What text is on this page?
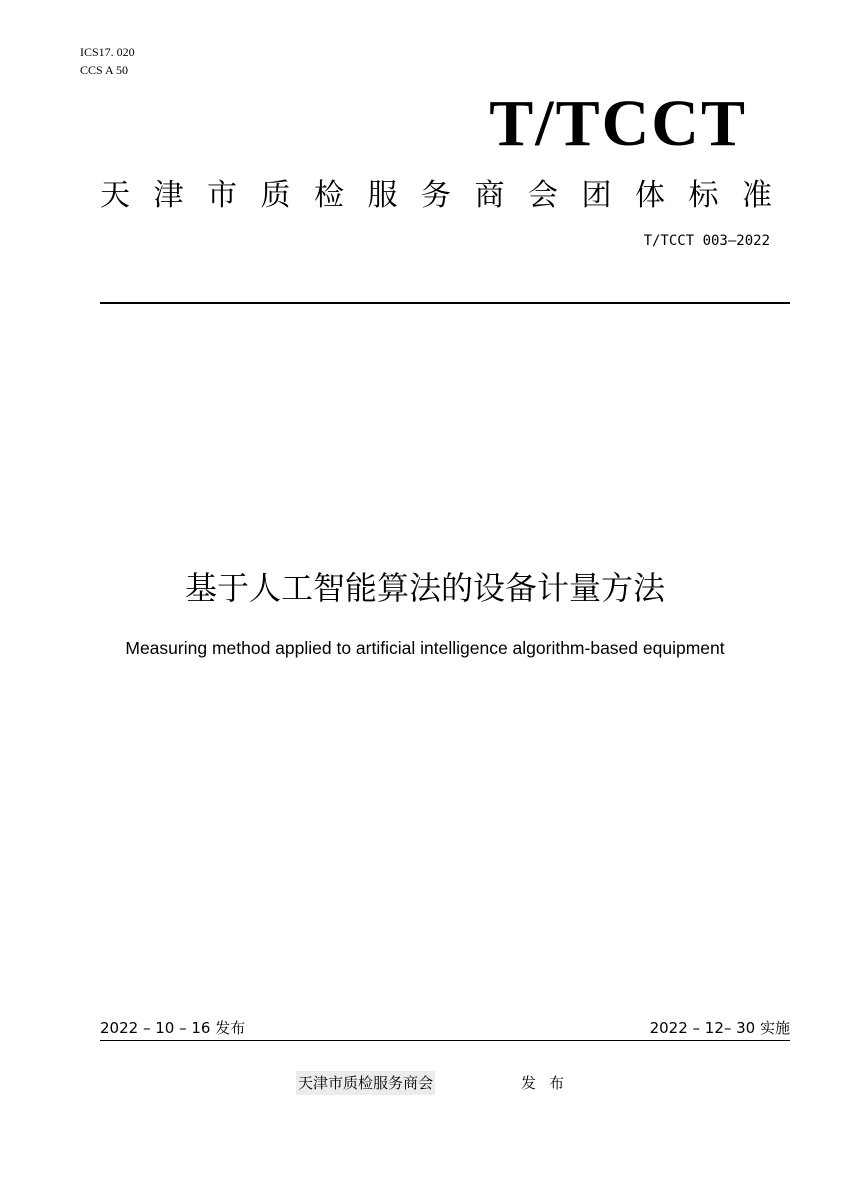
ICS17. 020
CCS A 50
T/TCCT
天 津 市 质 检 服 务 商 会 团 体 标 准
T/TCCT 003—2022
基于人工智能算法的设备计量方法
Measuring method applied to artificial intelligence algorithm-based equipment
2022 – 10 – 16 发布	2022 – 12– 30 实施
天津市质检服务商会	发布
